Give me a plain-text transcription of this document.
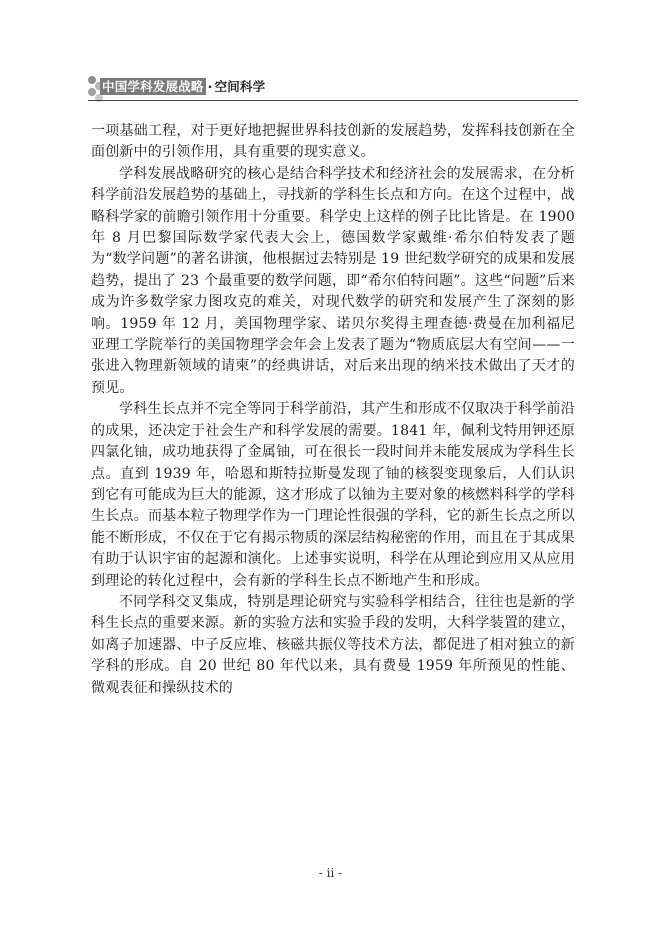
中国学科发展战略 · 空间科学

一项基础工程，对于更好地把握世界科技创新的发展趋势，发挥科技创新在全面创新中的引领作用，具有重要的现实意义。

学科发展战略研究的核心是结合科学技术和经济社会的发展需求，在分析科学前沿发展趋势的基础上，寻找新的学科生长点和方向。在这个过程中，战略科学家的前瞻引领作用十分重要。科学史上这样的例子比比皆是。在 1900 年 8 月巴黎国际数学家代表大会上，德国数学家戴维·希尔伯特发表了题为“数学问题”的著名讲演，他根据过去特别是 19 世纪数学研究的成果和发展趋势，提出了 23 个最重要的数学问题，即“希尔伯特问题”。这些“问题”后来成为许多数学家力图攻克的难关，对现代数学的研究和发展产生了深刻的影响。1959 年 12 月，美国物理学家、诺贝尔奖得主理查德·费曼在加利福尼亚理工学院举行的美国物理学会年会上发表了题为“物质底层大有空间——一张进入物理新领域的请柬”的经典讲话，对后来出现的纳米技术做出了天才的预见。

学科生长点并不完全等同于科学前沿，其产生和形成不仅取决于科学前沿的成果，还决定于社会生产和科学发展的需要。1841 年，佩利戈特用钾还原四氯化铀，成功地获得了金属铀，可在很长一段时间并未能发展成为学科生长点。直到 1939 年，哈恩和斯特拉斯曼发现了铀的核裂变现象后，人们认识到它有可能成为巨大的能源，这才形成了以铀为主要对象的核燃料科学的学科生长点。而基本粒子物理学作为一门理论性很强的学科，它的新生长点之所以能不断形成，不仅在于它有揭示物质的深层结构秘密的作用，而且在于其成果有助于认识宇宙的起源和演化。上述事实说明，科学在从理论到应用又从应用到理论的转化过程中，会有新的学科生长点不断地产生和形成。

不同学科交叉集成，特别是理论研究与实验科学相结合，往往也是新的学科生长点的重要来源。新的实验方法和实验手段的发明，大科学装置的建立，如离子加速器、中子反应堆、核磁共振仪等技术方法，都促进了相对独立的新学科的形成。自 20 世纪 80 年代以来，具有费曼 1959 年所预见的性能、微观表征和操纵技术的

- ii -
